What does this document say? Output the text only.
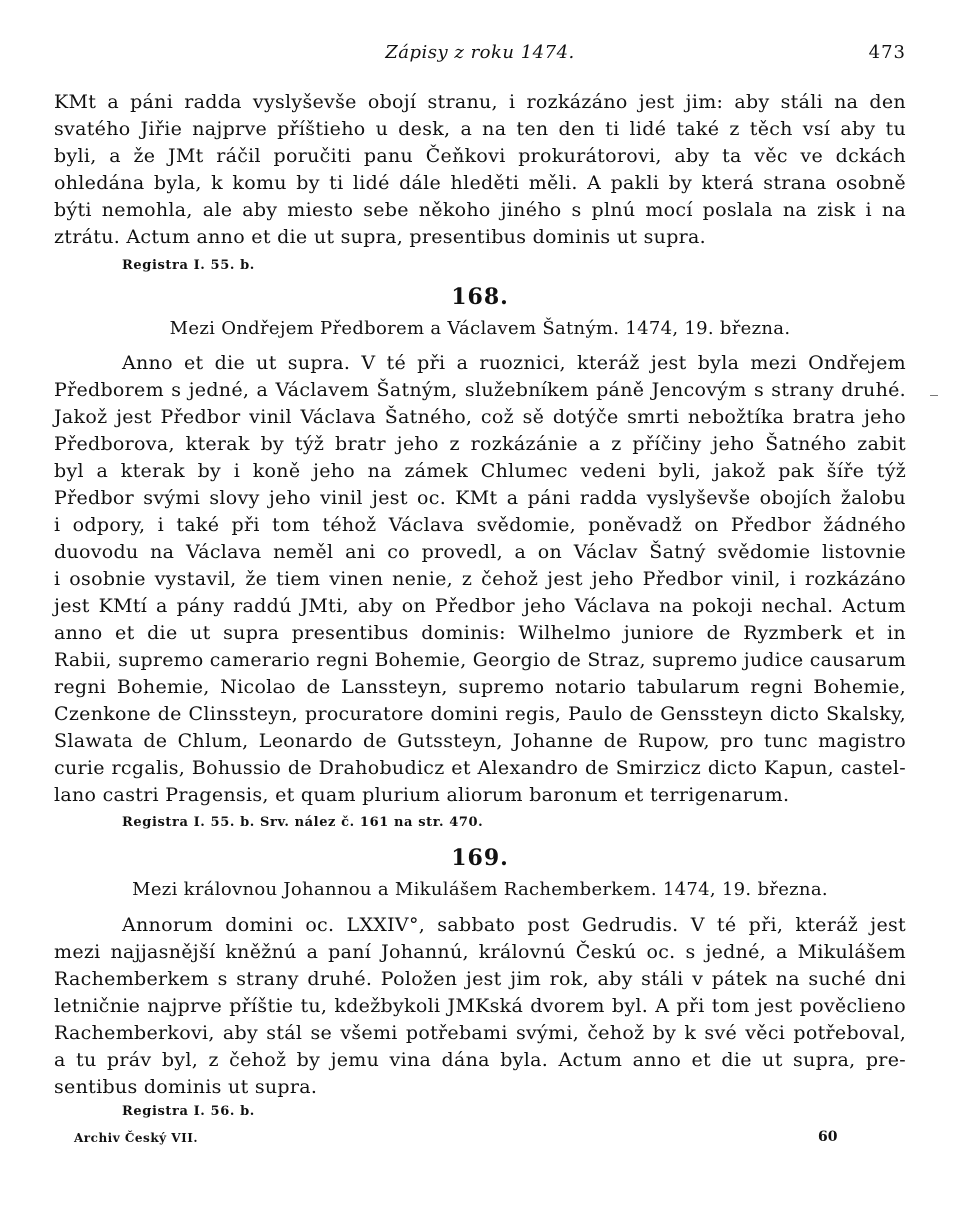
Zápisy z roku 1474.	473
KMt a páni radda vyslyševše obojí stranu, i rozkázáno jest jim: aby stáli na den
svatého Jiřie najprve příštieho u desk, a na ten den ti lidé také z těch vsí aby tu
byli, a že JMt ráčil poručiti panu Čeňkovi prokurátorovi, aby ta věc ve dckách
ohledána byla, k komu by ti lidé dále hleděti měli. A pakli by která strana osobně
býti nemohla, ale aby miesto sebe někoho jiného s plnú mocí poslala na zisk i na
ztrátu. Actum anno et die ut supra, presentibus dominis ut supra.
Registra I. 55. b.
168.
Mezi Ondřejem Předborem a Václavem Šatným. 1474, 19. března.
Anno et die ut supra. V té při a ruoznici, kteráž jest byla mezi Ondřejem
Předborem s jedné, a Václavem Šatným, služebníkem páně Jencovým s strany druhé.
Jakož jest Předbor vinil Václava Šatného, což sě dotýče smrti nebožtíka bratra jeho
Předborova, kterak by týž bratr jeho z rozkázánie a z příčiny jeho Šatného zabit
byl a kterak by i koně jeho na zámek Chlumec vedeni byli, jakož pak šíře týž
Předbor svými slovy jeho vinil jest oc. KMt a páni radda vyslyševše obojích žalobu
i odpory, i také při tom téhož Václava svědomie, poněvadž on Předbor žádného
duovodu na Václava neměl ani co provedl, a on Václav Šatný svědomie listovnie
i osobnie vystavil, že tiem vinen nenie, z čehož jest jeho Předbor vinil, i rozkázáno
jest KMtí a pány raddú JMti, aby on Předbor jeho Václava na pokoji nechal. Actum
anno et die ut supra presentibus dominis: Wilhelmo juniore de Ryzmberk et in
Rabii, supremo camerario regni Bohemie, Georgio de Straz, supremo judice causarum
regni Bohemie, Nicolao de Lanssteyn, supremo notario tabularum regni Bohemie,
Czenkone de Clinssteyn, procuratore domini regis, Paulo de Genssteyn dicto Skalsky,
Slawata de Chlum, Leonardo de Gutssteyn, Johanne de Rupow, pro tunc magistro
curie rcgalis, Bohussio de Drahobudicz et Alexandro de Smirzicz dicto Kapun, castel-
lano castri Pragensis, et quam plurium aliorum baronum et terrigenarum.
Registra I. 55. b. Srv. nález č. 161 na str. 470.
169.
Mezi královnou Johannou a Mikulášem Rachemberkem. 1474, 19. března.
Annorum domini oc. LXXIV°, sabbato post Gedrudis. V té při, kteráž jest
mezi najjasnější kněžnú a paní Johannú, královnú Českú oc. s jedné, a Mikulášem
Rachemberkem s strany druhé. Položen jest jim rok, aby stáli v pátek na suché dni
letničnie najprve příštie tu, kdežbykoli JMKská dvorem byl. A při tom jest pověclieno
Rachemberkovi, aby stál se všemi potřebami svými, čehož by k své věci potřeboval,
a tu práv byl, z čehož by jemu vina dána byla. Actum anno et die ut supra, pre-
sentibus dominis ut supra.
Registra I. 56. b.
Archiv Český VII.	60
